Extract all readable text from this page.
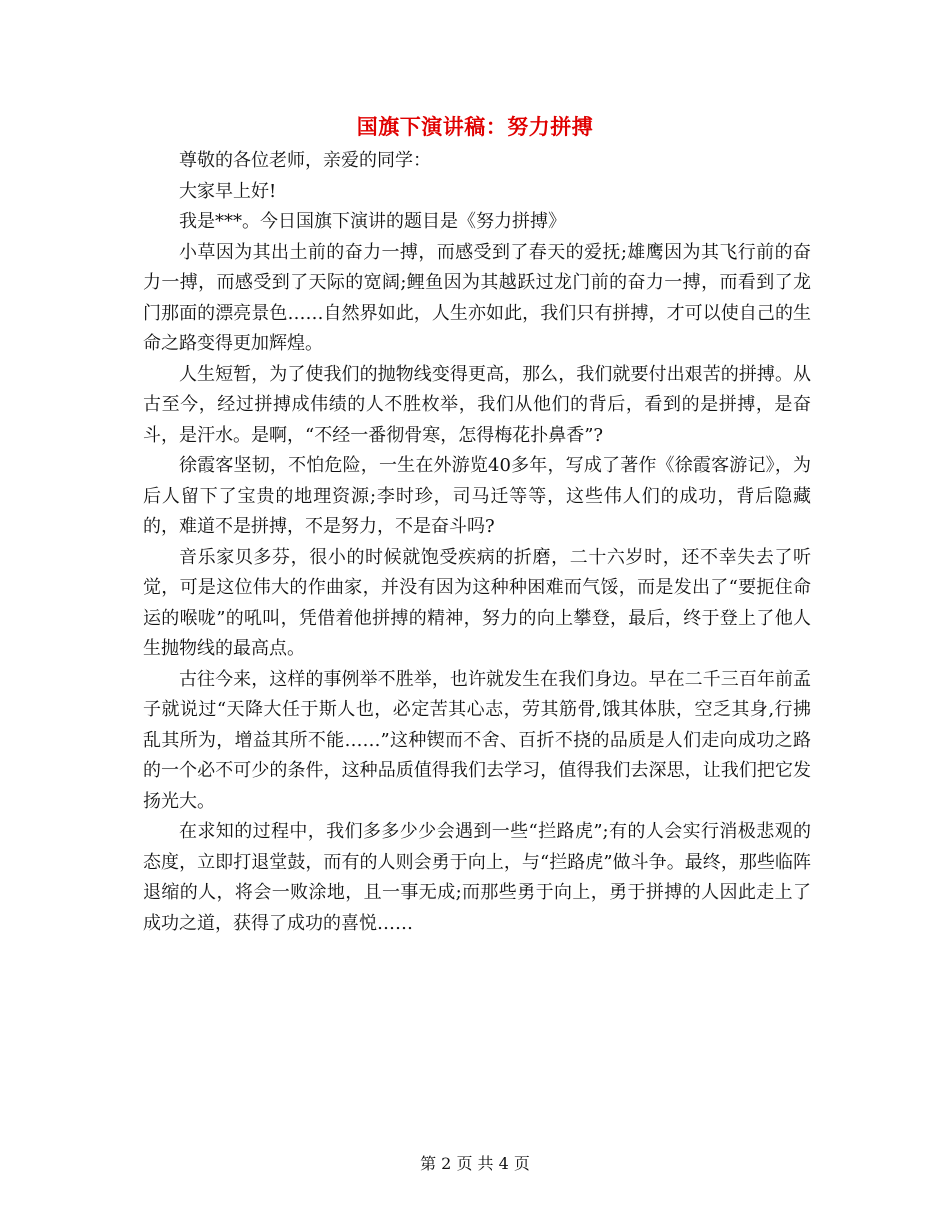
国旗下演讲稿：努力拼搏

尊敬的各位老师，亲爱的同学：

大家早上好!

我是***。今日国旗下演讲的题目是《努力拼搏》

小草因为其出土前的奋力一搏，而感受到了春天的爱抚;雄鹰因为其飞行前的奋力一搏，而感受到了天际的宽阔;鲤鱼因为其越跃过龙门前的奋力一搏，而看到了龙门那面的漂亮景色……自然界如此，人生亦如此，我们只有拼搏，才可以使自己的生命之路变得更加辉煌。

人生短暂，为了使我们的抛物线变得更高，那么，我们就要付出艰苦的拼搏。从古至今，经过拼搏成伟绩的人不胜枚举，我们从他们的背后，看到的是拼搏，是奋斗，是汗水。是啊，“不经一番彻骨寒，怎得梅花扑鼻香”?

徐霞客坚韧，不怕危险，一生在外游览40多年，写成了著作《徐霞客游记》，为后人留下了宝贵的地理资源;李时珍，司马迁等等，这些伟人们的成功，背后隐藏的，难道不是拼搏，不是努力，不是奋斗吗?

音乐家贝多芬，很小的时候就饱受疾病的折磨，二十六岁时，还不幸失去了听觉，可是这位伟大的作曲家，并没有因为这种种困难而气馁，而是发出了“要扼住命运的喉咙”的吼叫，凭借着他拼搏的精神，努力的向上攀登，最后，终于登上了他人生抛物线的最高点。

古往今来，这样的事例举不胜举，也许就发生在我们身边。早在二千三百年前孟子就说过“天降大任于斯人也，必定苦其心志，劳其筋骨,饿其体肤，空乏其身,行拂乱其所为，增益其所不能……”这种锲而不舍、百折不挠的品质是人们走向成功之路的一个必不可少的条件，这种品质值得我们去学习，值得我们去深思，让我们把它发扬光大。

在求知的过程中，我们多多少少会遇到一些“拦路虎”;有的人会实行消极悲观的态度，立即打退堂鼓，而有的人则会勇于向上，与“拦路虎”做斗争。最终，那些临阵退缩的人，将会一败涂地，且一事无成;而那些勇于向上，勇于拼搏的人因此走上了成功之道，获得了成功的喜悦……

第 2 页 共 4 页
